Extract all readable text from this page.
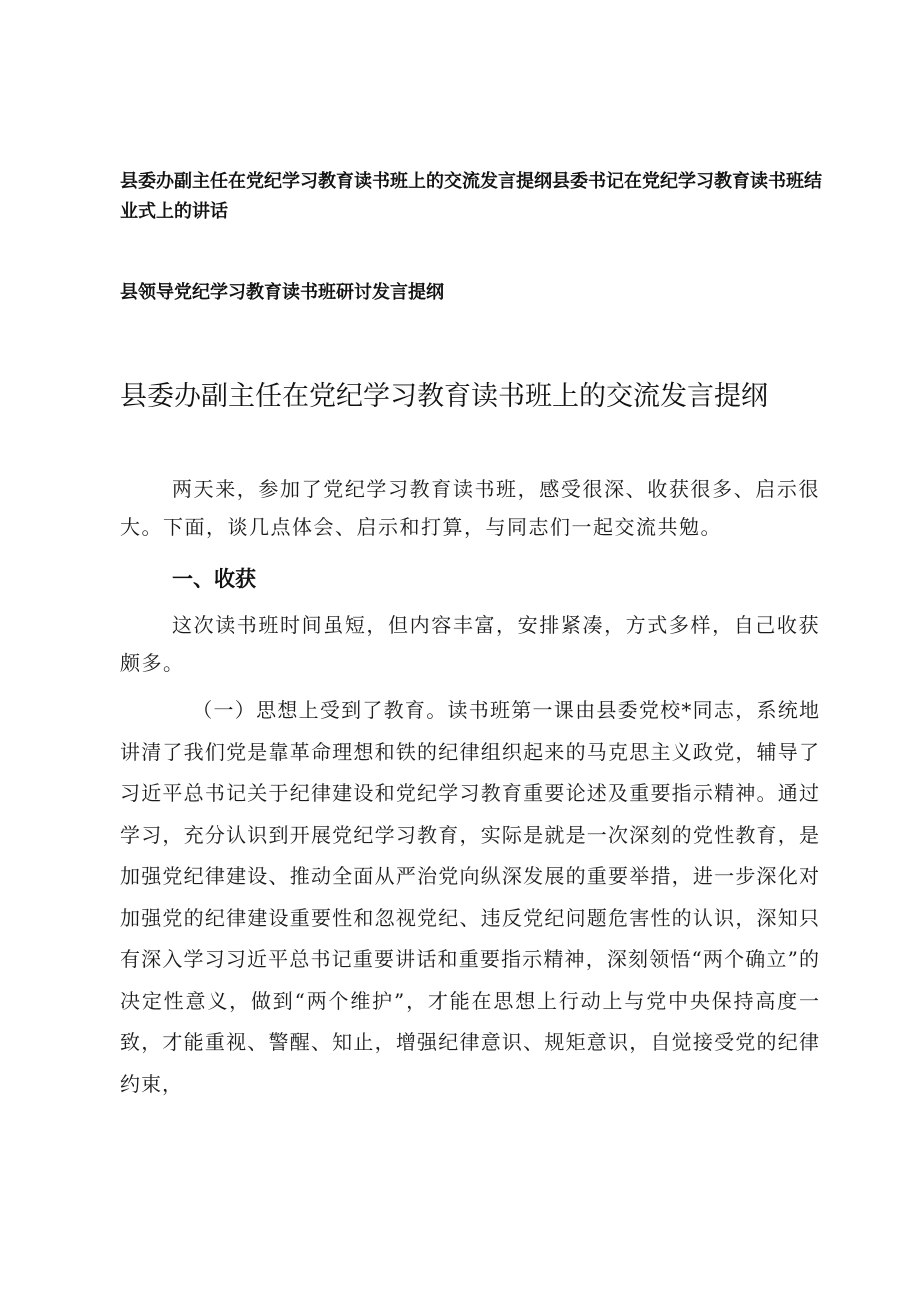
县委办副主任在党纪学习教育读书班上的交流发言提纲县委书记在党纪学习教育读书班结业式上的讲话
县领导党纪学习教育读书班研讨发言提纲
县委办副主任在党纪学习教育读书班上的交流发言提纲
两天来，参加了党纪学习教育读书班，感受很深、收获很多、启示很大。下面，谈几点体会、启示和打算，与同志们一起交流共勉。
一、收获
这次读书班时间虽短，但内容丰富，安排紧凑，方式多样，自己收获颇多。
（一）思想上受到了教育。读书班第一课由县委党校*同志，系统地讲清了我们党是靠革命理想和铁的纪律组织起来的马克思主义政党，辅导了习近平总书记关于纪律建设和党纪学习教育重要论述及重要指示精神。通过学习，充分认识到开展党纪学习教育，实际是就是一次深刻的党性教育，是加强党纪律建设、推动全面从严治党向纵深发展的重要举措，进一步深化对加强党的纪律建设重要性和忽视党纪、违反党纪问题危害性的认识，深知只有深入学习习近平总书记重要讲话和重要指示精神，深刻领悟“两个确立”的决定性意义，做到“两个维护”，才能在思想上行动上与党中央保持高度一致，才能重视、警醒、知止，增强纪律意识、规矩意识，自觉接受党的纪律约束，
